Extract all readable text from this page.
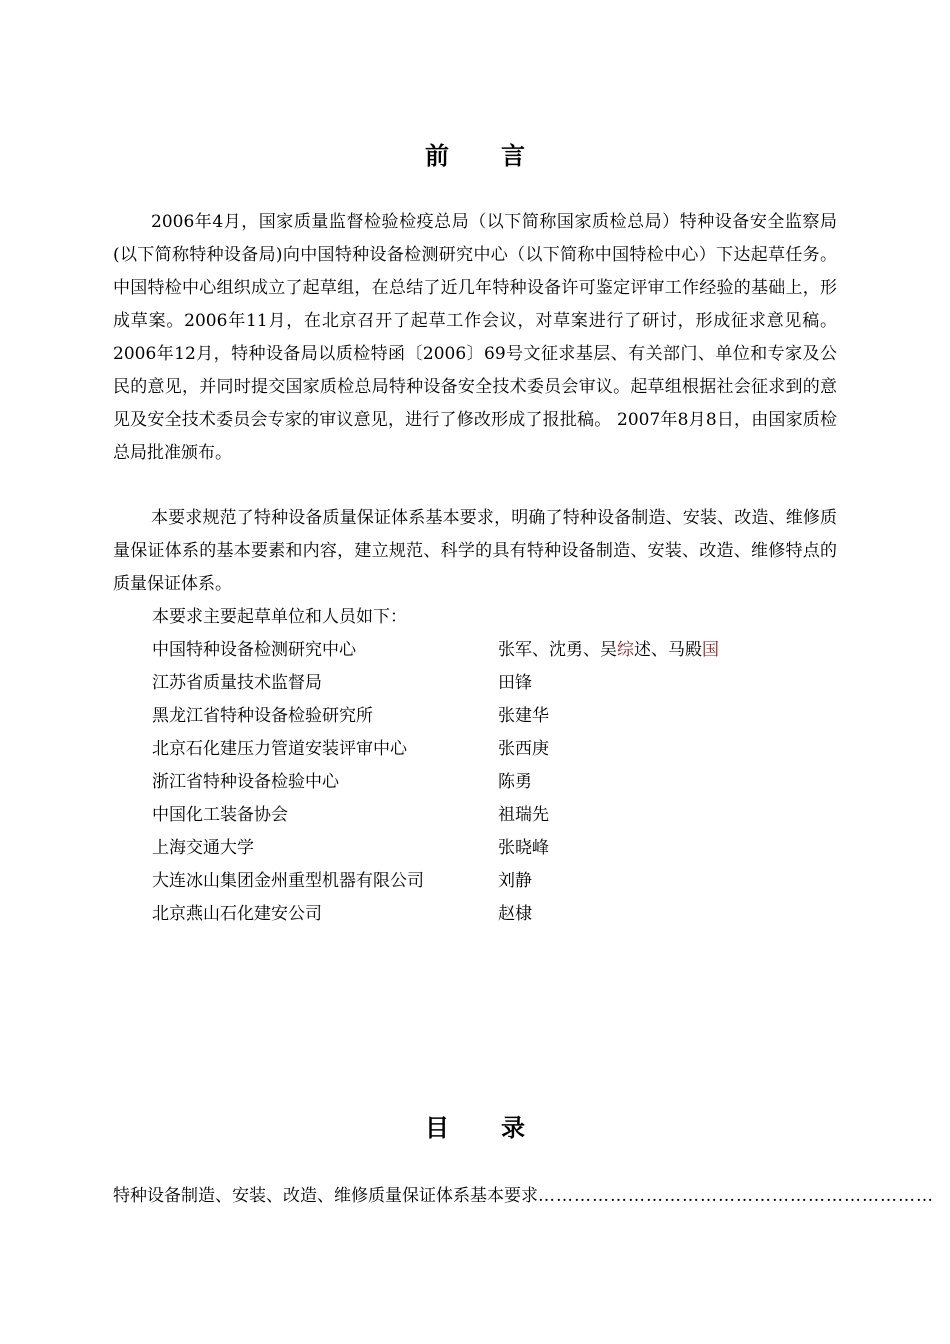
前言

2006年4月，国家质量监督检验检疫总局（以下简称国家质检总局）特种设备安全监察局(以下简称特种设备局)向中国特种设备检测研究中心（以下简称中国特检中心）下达起草任务。中国特检中心组织成立了起草组，在总结了近几年特种设备许可鉴定评审工作经验的基础上，形成草案。2006年11月，在北京召开了起草工作会议，对草案进行了研讨，形成征求意见稿。2006年12月，特种设备局以质检特函〔2006〕69号文征求基层、有关部门、单位和专家及公民的意见，并同时提交国家质检总局特种设备安全技术委员会审议。起草组根据社会征求到的意见及安全技术委员会专家的审议意见，进行了修改形成了报批稿。 2007年8月8日，由国家质检总局批准颁布。

本要求规范了特种设备质量保证体系基本要求，明确了特种设备制造、安装、改造、维修质量保证体系的基本要素和内容，建立规范、科学的具有特种设备制造、安装、改造、维修特点的质量保证体系。

本要求主要起草单位和人员如下：
中国特种设备检测研究中心	张军、沈勇、吴综述、马殿国
江苏省质量技术监督局	田锋
黑龙江省特种设备检验研究所	张建华
北京石化建压力管道安装评审中心	张西庚
浙江省特种设备检验中心	陈勇
中国化工装备协会	祖瑞先
上海交通大学	张晓峰
大连冰山集团金州重型机器有限公司	刘静
北京燕山石化建安公司	赵棣
目录
特种设备制造、安装、改造、维修质量保证体系基本要求 …………………………………………………………
